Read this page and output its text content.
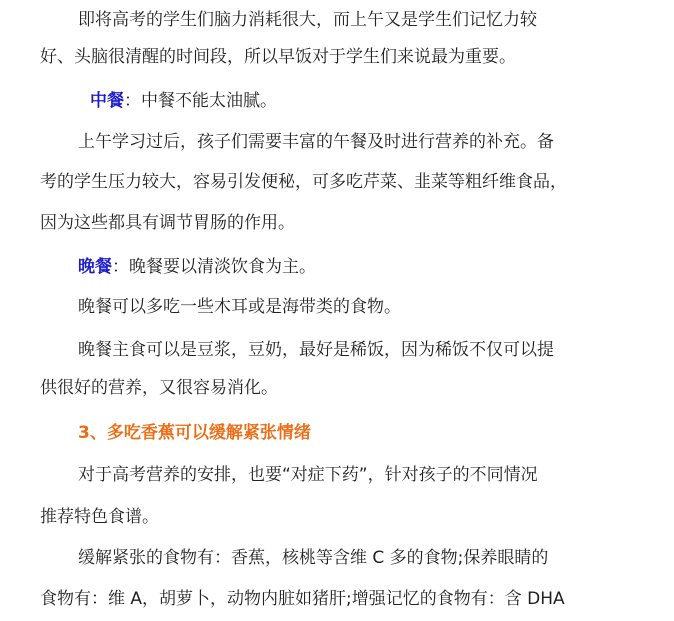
即将高考的学生们脑力消耗很大，而上午又是学生们记忆力较

好、头脑很清醒的时间段，所以早饭对于学生们来说最为重要。

中餐：中餐不能太油腻。

上午学习过后，孩子们需要丰富的午餐及时进行营养的补充。备

考的学生压力较大，容易引发便秘，可多吃芹菜、韭菜等粗纤维食品，

因为这些都具有调节胃肠的作用。

晚餐：晚餐要以清淡饮食为主。

晚餐可以多吃一些木耳或是海带类的食物。

晚餐主食可以是豆浆，豆奶，最好是稀饭，因为稀饭不仅可以提

供很好的营养，又很容易消化。

3、多吃香蕉可以缓解紧张情绪

对于高考营养的安排，也要“对症下药”，针对孩子的不同情况

推荐特色食谱。

缓解紧张的食物有：香蕉，核桃等含维 C 多的食物;保养眼睛的

食物有：维 A，胡萝卜，动物内脏如猪肝;增强记忆的食物有：含 DHA
